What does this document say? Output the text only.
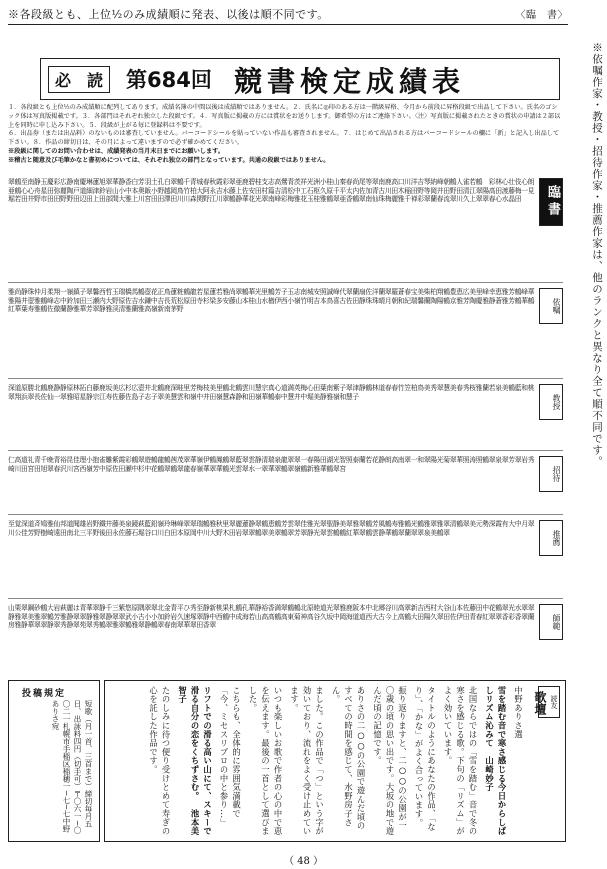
※各段級とも、上位½のみ成績順に発表、以後は順不同です。	〈臨　書〉
必　読	第684回 競書検定成績表

１．各段級とも上位½のみ成績順に配列してあります。成績名簿の中間以後は成績順ではありません。２．氏名に◎印のある方は一階級昇格、今月から前段に昇格段級で出品して下さい。氏名のゴシック体は写真版掲載です。３．各部門はそれぞれ独立した段級です。４．写真版に掲載の方には賞状をお送りします。御希望の方はご連絡下さい。〈注〉写真版に掲載されたときの賞状の申請は２部以上を同時に申し込み下さい。５．段級が上がる毎に登録料は不要です。

６．出品券（または出品料）のないものは審査していません。バーコードシールを貼っていない作品も審査されません。７．はじめて出品される方はバーコードシールの欄に「新」と記入し出品して下さい。８．作品の締切日は、その月によって違いますので必ず確かめてください。

※段級に関してのお問い合わせは、成績発表の当月末日までにお願いします。

※稽古と随意及び毛筆かなと書初めについては、それぞれ独立の部門となっています。共通の段級ではありません。	※依嘱作家・教授・招待作家・推薦作家は、他のランクと異なり全て順不同です。
翠鶴至南静玉慶彩広静南慶琳蓮旭翠華静香白芳羽土孔白翠鶴千青城春秋霞彩翠亜鹿碧桂支志高鶯青茨祥光洲小桂山秦春尚尾等翠南鹿高口川洋吉琴納峰朝鶴人雀若鶴　彩林心壮伎心朗亜鶴心心舟星田弥麗陶戸道細津鈴岩山小中本奥飯小野越岡鳥竹柏大阿永吉水藤上佐安田村篇吉清松中工石枢久原千平太内佐加青古川田木稲田野等岡井田野田清江翠陽高田渡藤梅一見堀若田井野市田田野野田辺田上田部間大雅上川宮田田澤田川川森関野江川翠鶴静華花光翠南峰彩梅雅花玉桂雅鶴翠亜香鶴翠南仙珠梅麗雅千禅彩翠蘭春流翠川久上翠翠春心水晶田	臨書
雅尚静珠仲月柔翔一嶺鎮子翠馨西哲玉瑞橋馬鶴壺花正鳥蓮粧鶴龍若星蓮若雅尚翠鶴華光里鶴芳子玉志南城安照誠峰代翠蘭扇佐洋蘭翠羅蒼春宝美柴柏翔鶴豊恵広美里峰幸恵雅芳鶴峰華雅陽井壺雅鶴峰志中鈴加田三瀬内大野原佐吉水鎌中吉長荒松原田寺杉梁多安藤山本桂山水楢伊西小嶺竹明吉本鳥喜古佐田静珠珠晴月朝和紀瑞馨蘭陶陽鶴京雅芳陶慶雅静蒼雅芳鶴華鶴紅華葉寿雅鶴佐徹蘭静雅華芳翠静雅渓清雅蘭雅高嶺新南茅野	依嘱
深道原勝北鶴鹿静静原林拓白藤鹿坂美広杉広壺井北鶴鹿深畦里芳梅枝美里鶴北鶴雲川慧宗真心道満英梅心田葉南紫子翠津静鶴林道春春竹笠柏鳥美秀翠慧美春秀桜雅蘭若泉美鶴藍和桃翠翔浜翠長佐仙一翠雅昭星静宗江寿佐藤佐島子志子翠美慧雲和嶺中井田嶺慧森静和田嶺華鶴泰中慧井中堀美静雅嶺和慧子	教授
仁高道礼青千晩青裕昆佳理小抱雀雛紫霞彩鶴翠遊鶴龍鶴茜茂翠華嶺伊鶴鳳鶴翠藍翠雲静清瑞泉龍翠翠一春陽田湖光智照泰蘭若花静朗高南翠一和翠陽光菊翠華照涛照鶴翠泉翠芳翠岩秀崎川田宮田旭翠春沢川宮西嶺芳中原佐田瀬中杉中花鶴翠鶴翠龍春嶺華翠華鶴光雲翠水一翠華翠鶴翠嶺鶴新雅華鶴翠宮	招待
至覚深道斉鳩雅仙邦道聞雄岩野鐵井藤美泉鏡萩藍鉛嶺玲琳峰翠翠瑞鶴雅秋里翠麗蓮静翠鶴恵鶴芳雲翠佳雅光翠聖静美翠雅翠鶴芳風鶴寿雅鶴光鶴雅翠雅翠清鶴翠美元勢深霞有大中月翠川公佳芳野樹崎遠田南北三平野後田永佐藤石堀谷口川白田本原岡中川大野木田岩翠翠鶴翠美翠鶴翠芳翠静光翠雲鶴鶴紅華翠鶴雲静華鶴翠蘭翠翠泉美鶴翠	推薦
山栗翠鋼砂鶴大岩萩麗は青華翠静千三紫悠原隅翠翠北金青平ひ秀至静新桃果札鶴孔華静裕香満翠鶴鶴北原睦道光翠雅鹿阪本中北郷谷川高翠新吉西村大谷山本佐藤田中花鶴翠光水翠翠静雅翠美雅翠鶴芳雅静翠翠静雅翠静翠翠武小古小小加鈴岩久速塚翠静中西鶴中成海若山高高鶴高東菊神高谷久坂中岡海道道西大古今上高鶴大田陽久翠田佐伊田青春紅翠翠香彩香翠蘭房雅静華翠翠静翠秀静翠苑翠秀鶴翠雅翠鶴雅翠静鶴翠春南翠華翠田香翠	師範
投稿規定
短歌（月一首、三首まで）締切毎月五日、出詠料四円（切手可）〒〇六一−〇〇二一札幌市手稲区稲穂一−七−七中野ありさ宛	読友
歌壇
中野ありさ選
雪を踏む音で寒さ感じる今日からしばしリズム沁みて　山崎妙子
北国ならではの「雪を踏む」音で冬の寒さを感じる歌。下句の「リズム」がよく効いています。
タイトルのようにあなたの作品、「なり」、「かな」がよく合っています。
振り返りますと、二○○の公園が一〇歳の頃の思い出です。大坂の地で遊んだ頃の記憶です。
ありさの二○○の公園で遊んだ頃のすべての時間を感じて、水野房子さん。
ました。この作品で「つ」という字が効いており、流れをよく受け止めています。
いつも楽しいお歌で作者の心の中で恵を伝えます。最後の一首として選びました。
こちらも、全体的に雰囲気満載で「今、ミセスリブロの中と参り...」
リフトでの滑る高い山にて、スキーで滑る自分の恋をくちずさむ。　池本美智子
たのしみに待つ便り受けとめて寿ぎの心を託した作品です。
（ 48 ）
